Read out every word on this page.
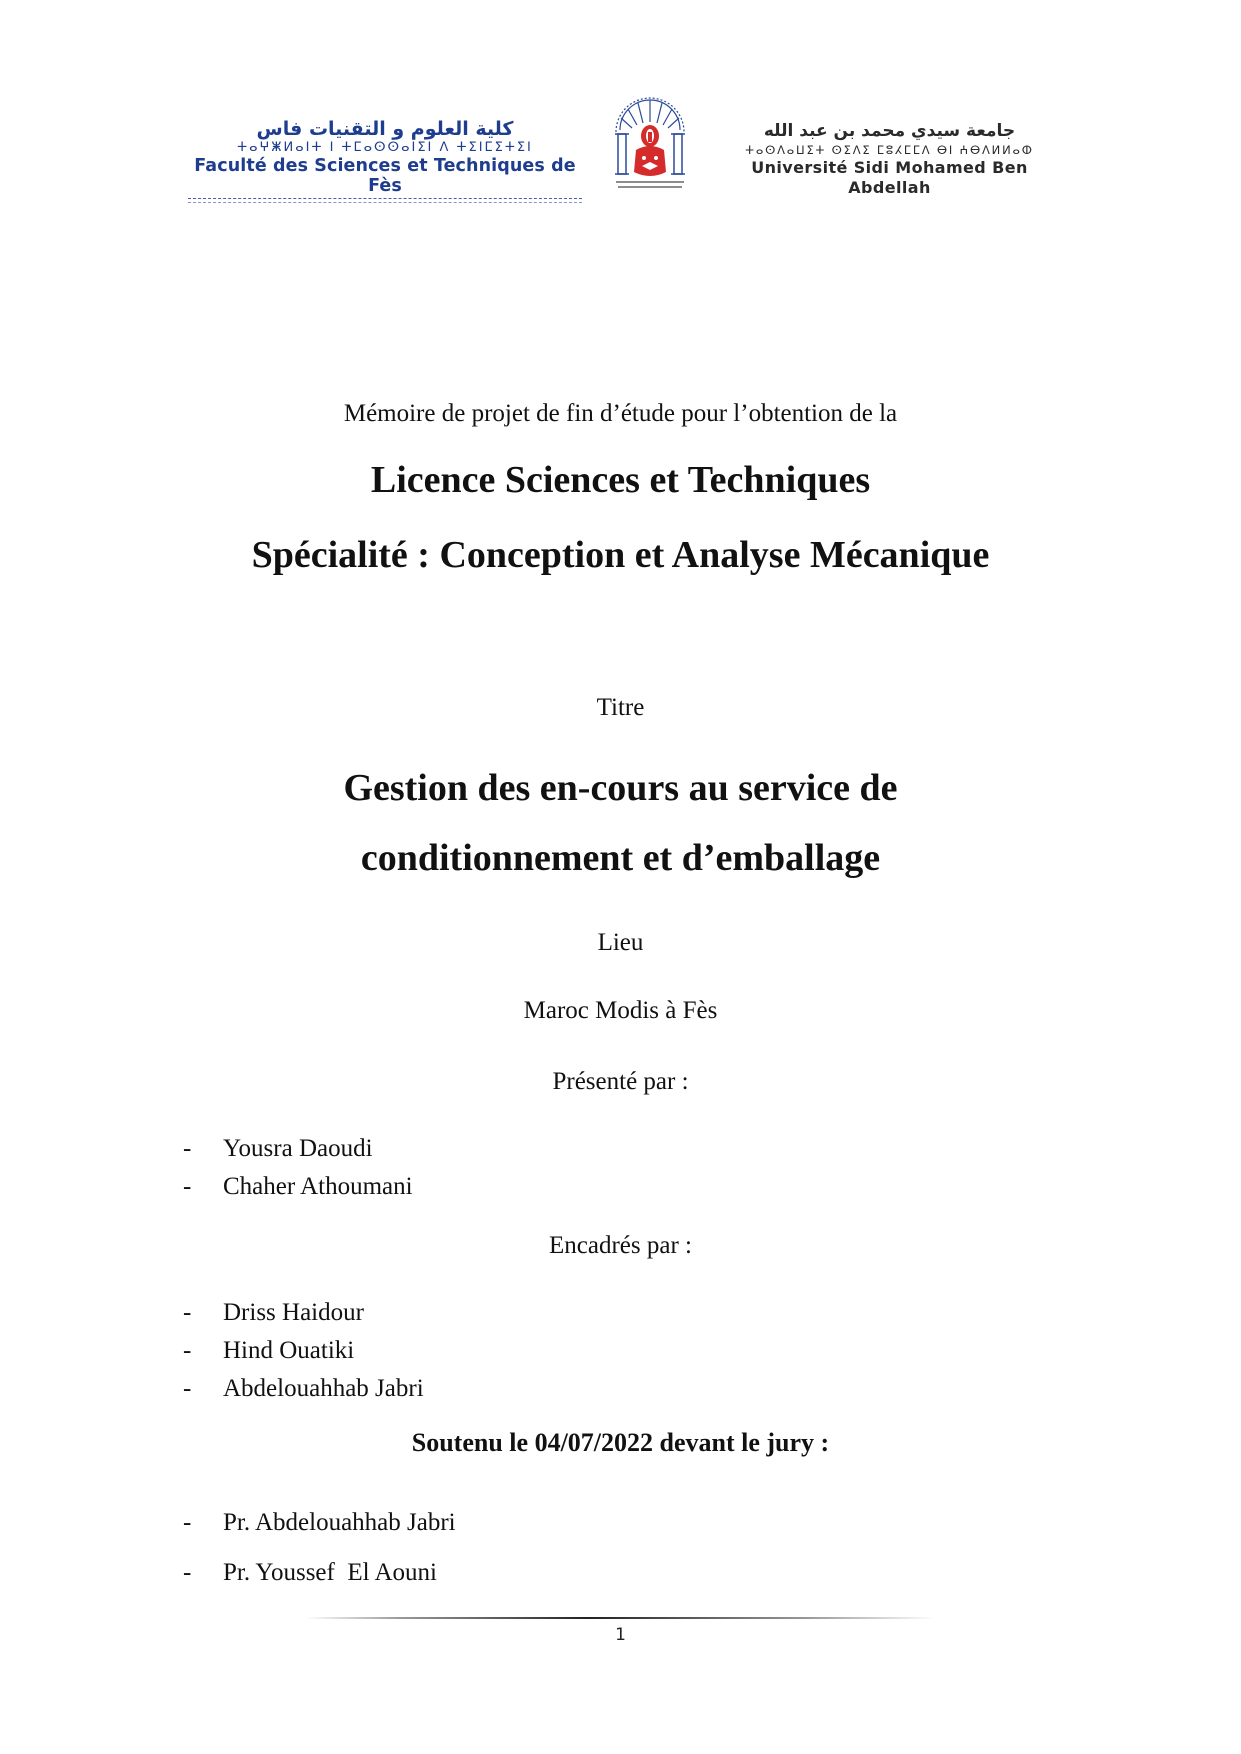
كلية العلوم و التقنيات فاس
ⵜⴰⵖⵥⵍⴰⵏⵜ ⵏ ⵜⵎⴰⵙⵙⴰⵏⵉⵏ ⴷ ⵜⵉⵏⵎⵉⵜⵉⵏ
Faculté des Sciences et Techniques de Fès
جامعة سيدي محمد بن عبد الله
ⵜⴰⵙⴷⴰⵡⵉⵜ ⵙⵉⴷⵉ ⵎⵓⵃⵎⵎⴷ ⴱⵏ ⵄⴱⴷⵍⵍⴰⵀ
Université Sidi Mohamed Ben Abdellah
Mémoire de projet de fin d’étude pour l’obtention de la
Licence Sciences et Techniques
Spécialité : Conception et Analyse Mécanique
Titre
Gestion des en-cours au service de
conditionnement et d’emballage
Lieu
Maroc Modis à Fès
Présenté par :
-	Yousra Daoudi
-	Chaher Athoumani
Encadrés par :
-	Driss Haidour
-	Hind Ouatiki
-	Abdelouahhab Jabri
Soutenu le 04/07/2022 devant le jury :
-	Pr. Abdelouahhab Jabri
-	Pr. Youssef  El Aouni
1
